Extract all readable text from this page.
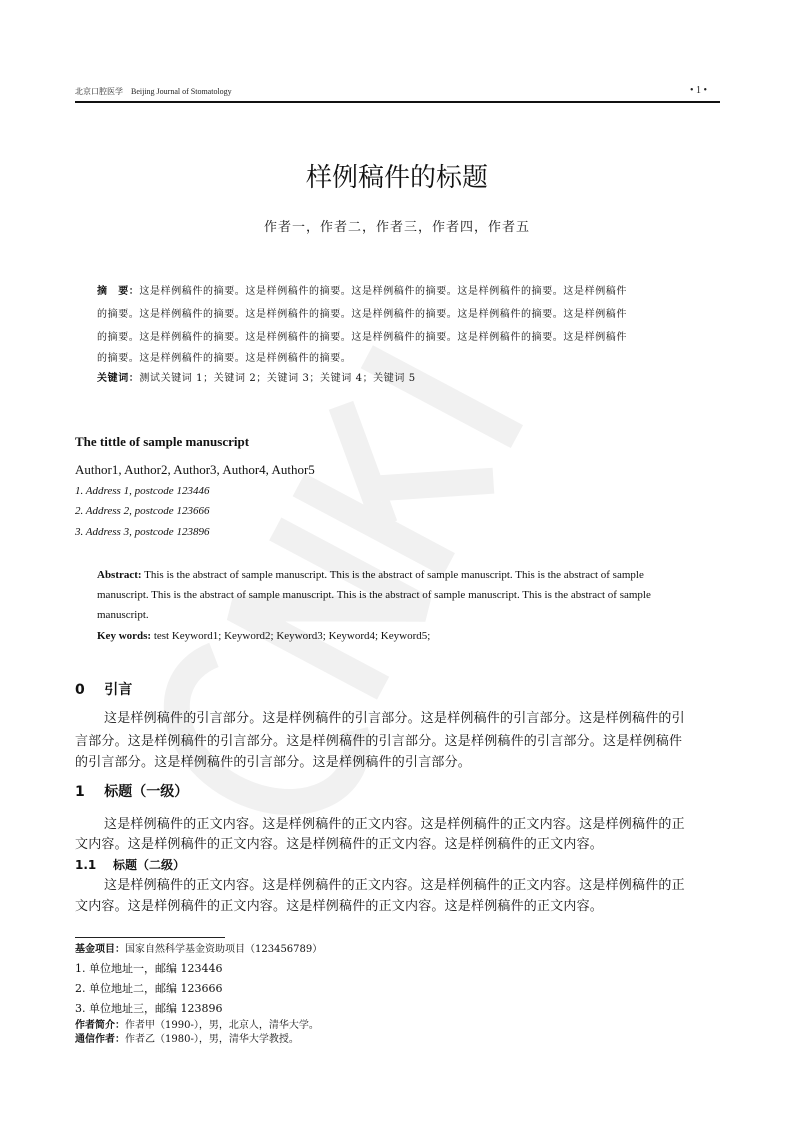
北京口腔医学 Beijing Journal of Stomatology	• 1 •
样例稿件的标题
作者一，作者二，作者三，作者四，作者五
摘　要：这是样例稿件的摘要。这是样例稿件的摘要。这是样例稿件的摘要。这是样例稿件的摘要。这是样例稿件
的摘要。这是样例稿件的摘要。这是样例稿件的摘要。这是样例稿件的摘要。这是样例稿件的摘要。这是样例稿件
的摘要。这是样例稿件的摘要。这是样例稿件的摘要。这是样例稿件的摘要。这是样例稿件的摘要。这是样例稿件
的摘要。这是样例稿件的摘要。这是样例稿件的摘要。
关键词：测试关键词 1；关键词 2；关键词 3；关键词 4；关键词 5
The tittle of sample manuscript
Author1, Author2, Author3, Author4, Author5
1. Address 1, postcode 123446
2. Address 2, postcode 123666
3. Address 3, postcode 123896
Abstract: This is the abstract of sample manuscript. This is the abstract of sample manuscript. This is the abstract of sample
manuscript. This is the abstract of sample manuscript. This is the abstract of sample manuscript. This is the abstract of sample
manuscript.
Key words: test Keyword1; Keyword2; Keyword3; Keyword4; Keyword5;
0 引言
这是样例稿件的引言部分。这是样例稿件的引言部分。这是样例稿件的引言部分。这是样例稿件的引
言部分。这是样例稿件的引言部分。这是样例稿件的引言部分。这是样例稿件的引言部分。这是样例稿件
的引言部分。这是样例稿件的引言部分。这是样例稿件的引言部分。
1 标题（一级）
这是样例稿件的正文内容。这是样例稿件的正文内容。这是样例稿件的正文内容。这是样例稿件的正
文内容。这是样例稿件的正文内容。这是样例稿件的正文内容。这是样例稿件的正文内容。
1.1 标题（二级）
这是样例稿件的正文内容。这是样例稿件的正文内容。这是样例稿件的正文内容。这是样例稿件的正
文内容。这是样例稿件的正文内容。这是样例稿件的正文内容。这是样例稿件的正文内容。
基金项目：国家自然科学基金资助项目（123456789）
1. 单位地址一，邮编 123446
2. 单位地址二，邮编 123666
3. 单位地址三，邮编 123896
作者简介：作者甲（1990-），男，北京人，清华大学。
通信作者：作者乙（1980-），男，清华大学教授。
